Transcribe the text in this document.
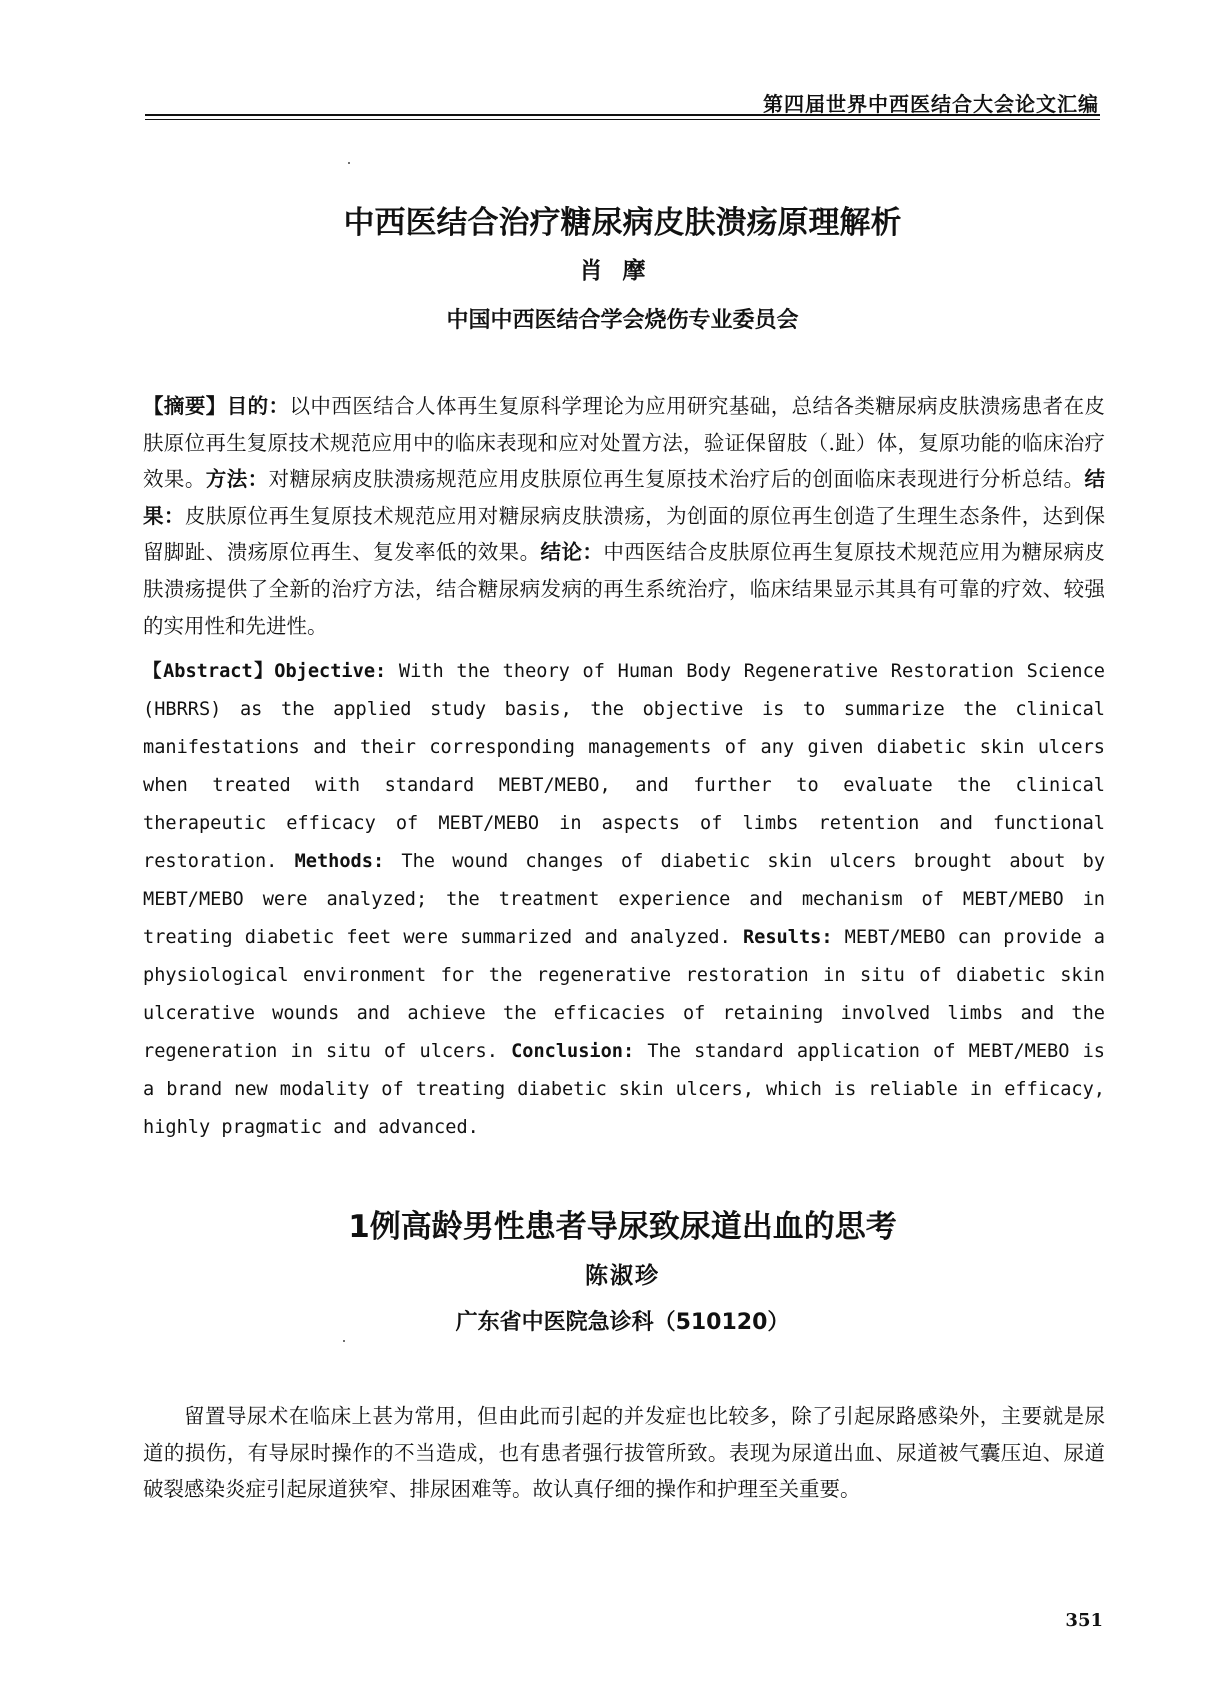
第四届世界中西医结合大会论文汇编
中西医结合治疗糖尿病皮肤溃疡原理解析
肖摩
中国中西医结合学会烧伤专业委员会
【摘要】目的：以中西医结合人体再生复原科学理论为应用研究基础，总结各类糖尿病皮肤溃疡患者在皮肤原位再生复原技术规范应用中的临床表现和应对处置方法，验证保留肢（.趾）体，复原功能的临床治疗效果。方法：对糖尿病皮肤溃疡规范应用皮肤原位再生复原技术治疗后的创面临床表现进行分析总结。结果：皮肤原位再生复原技术规范应用对糖尿病皮肤溃疡，为创面的原位再生创造了生理生态条件，达到保留脚趾、溃疡原位再生、复发率低的效果。结论：中西医结合皮肤原位再生复原技术规范应用为糖尿病皮肤溃疡提供了全新的治疗方法，结合糖尿病发病的再生系统治疗，临床结果显示其具有可靠的疗效、较强的实用性和先进性。
【Abstract】Objective: With the theory of Human Body Regenerative Restoration Science (HBRRS) as the applied study basis, the objective is to summarize the clinical manifestations and their corresponding managements of any given diabetic skin ulcers when treated with standard MEBT/MEBO, and further to evaluate the clinical therapeutic efficacy of MEBT/MEBO in aspects of limbs retention and functional restoration. Methods: The wound changes of diabetic skin ulcers brought about by MEBT/MEBO were analyzed; the treatment experience and mechanism of MEBT/MEBO in treating diabetic feet were summarized and analyzed. Results: MEBT/MEBO can provide a physiological environment for the regenerative restoration in situ of diabetic skin ulcerative wounds and achieve the efficacies of retaining involved limbs and the regeneration in situ of ulcers. Conclusion: The standard application of MEBT/MEBO is a brand new modality of treating diabetic skin ulcers, which is reliable in efficacy, highly pragmatic and advanced.
1例高龄男性患者导尿致尿道出血的思考
陈淑珍
广东省中医院急诊科（510120）

留置导尿术在临床上甚为常用，但由此而引起的并发症也比较多，除了引起尿路感染外，主要就是尿道的损伤，有导尿时操作的不当造成，也有患者强行拔管所致。表现为尿道出血、尿道被气囊压迫、尿道破裂感染炎症引起尿道狭窄、排尿困难等。故认真仔细的操作和护理至关重要。

351
